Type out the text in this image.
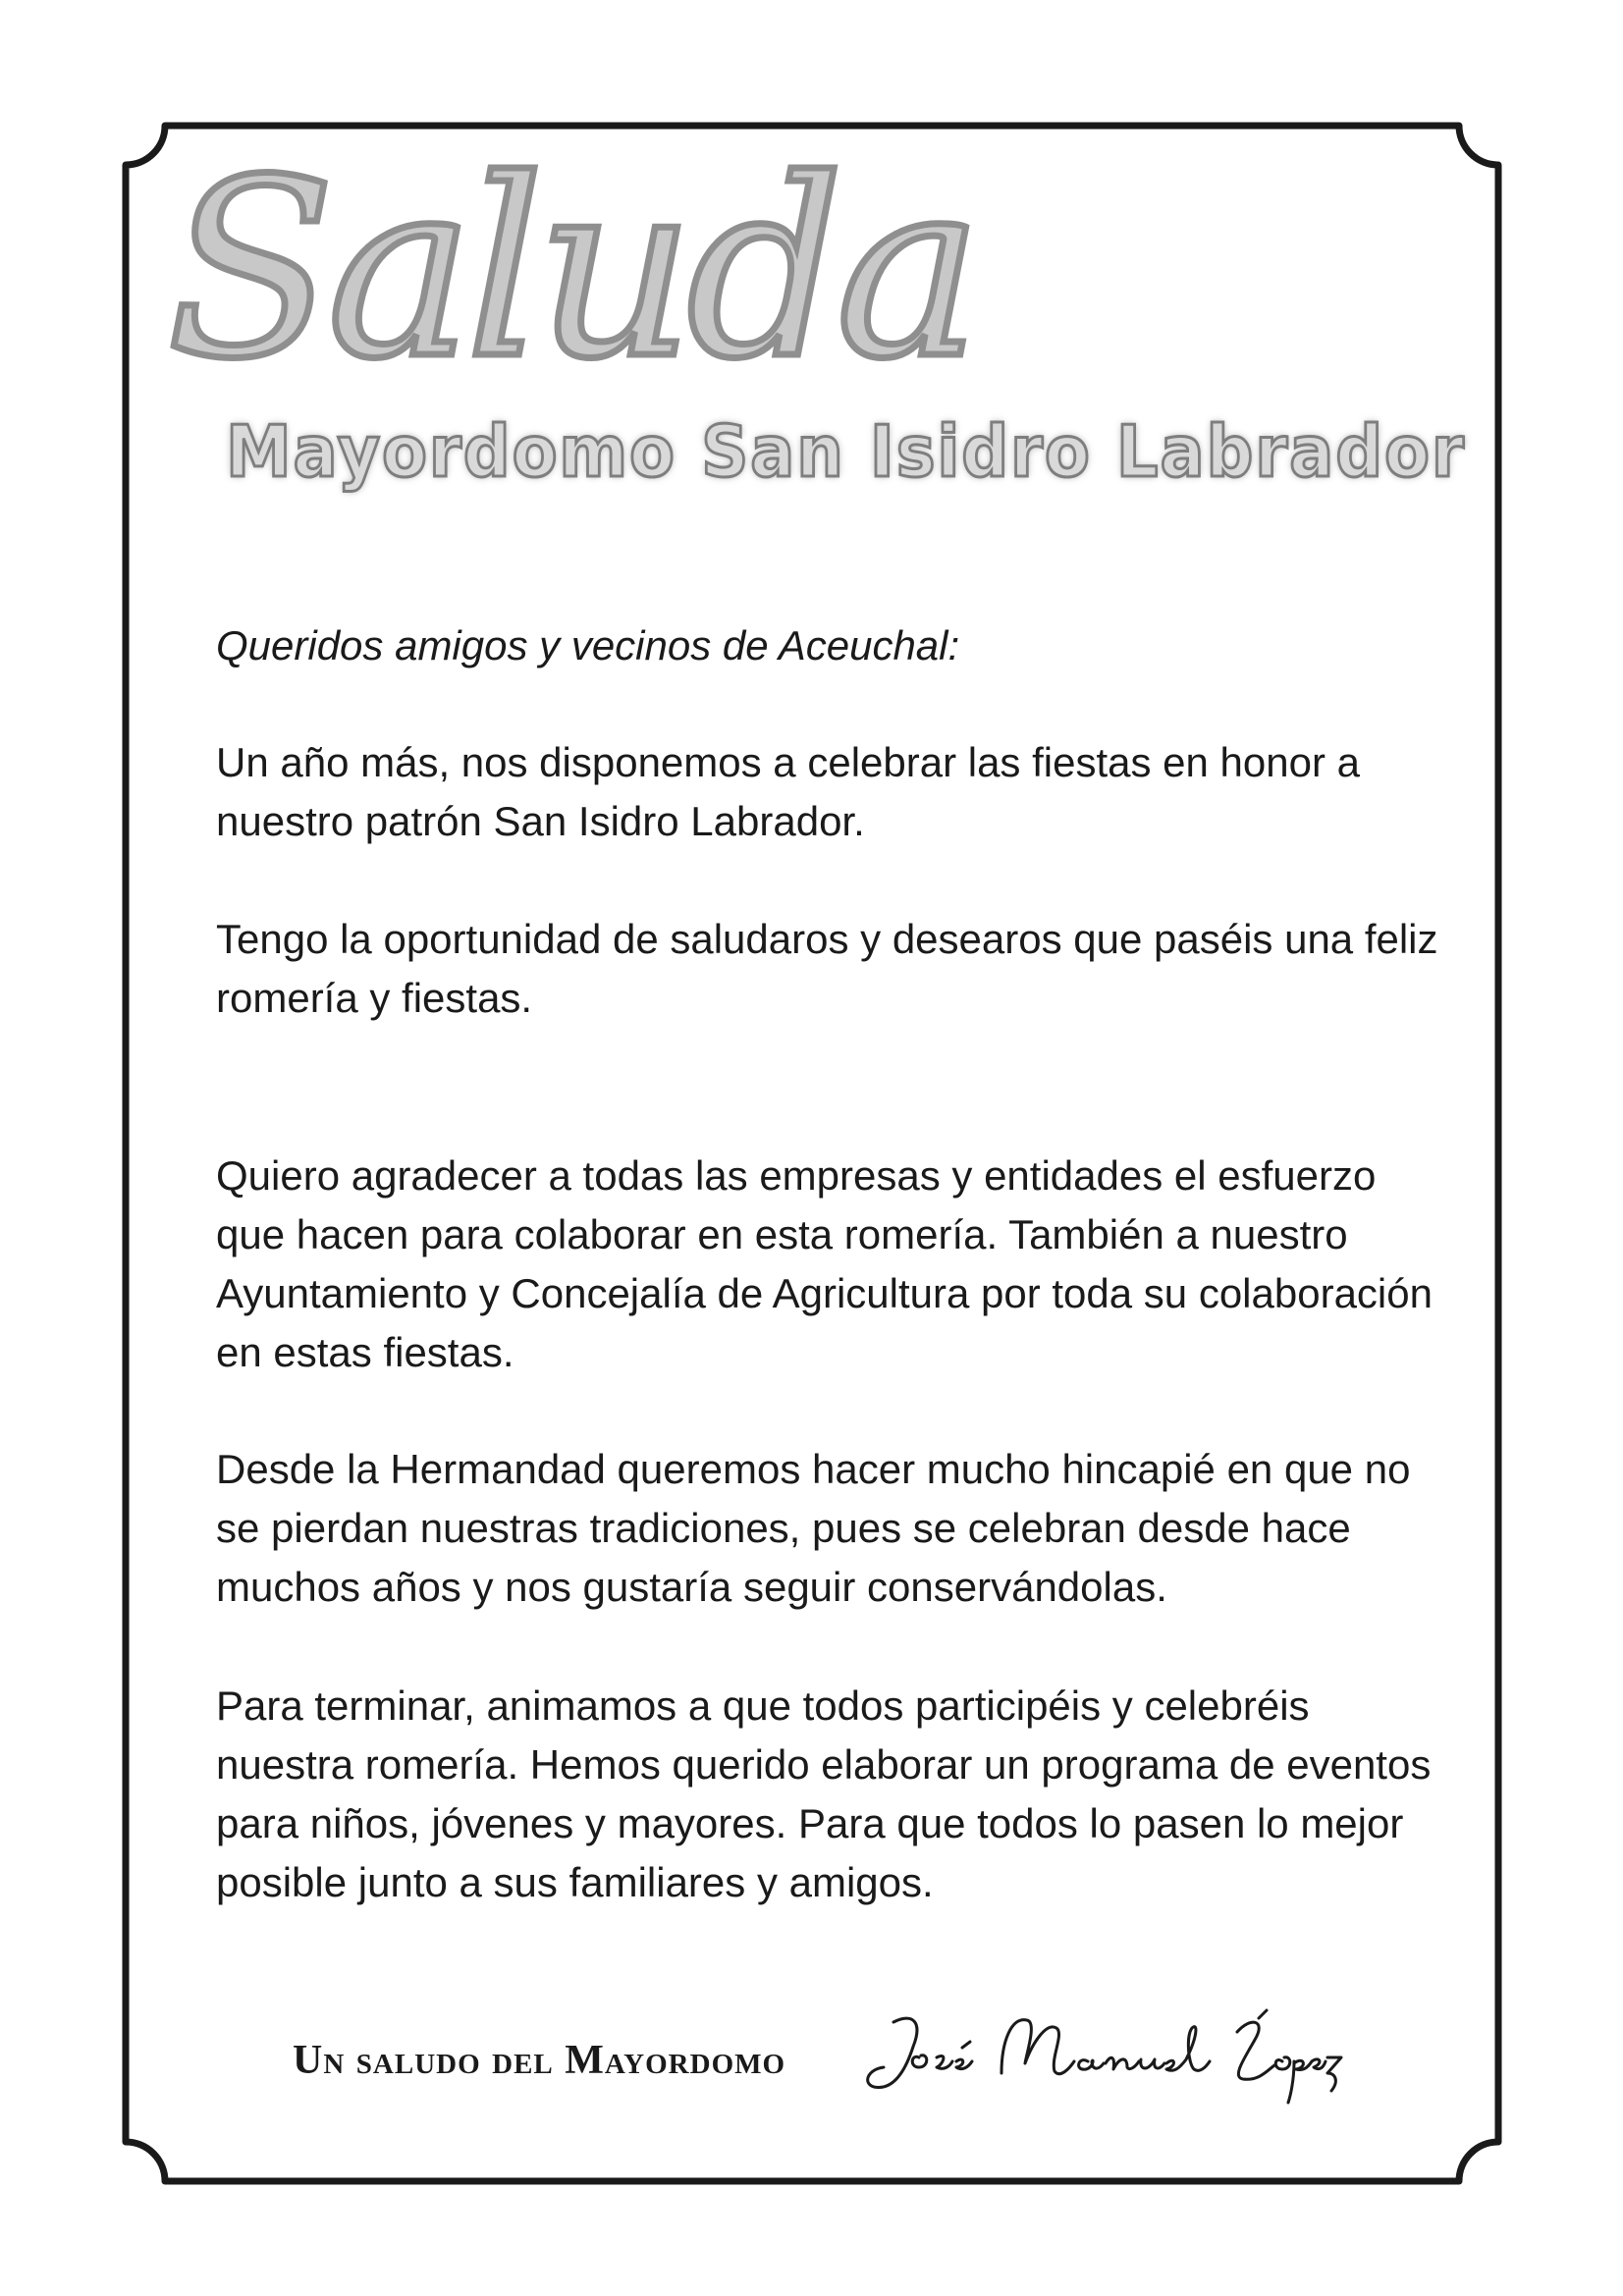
Saluda
Mayordomo San Isidro Labrador

Queridos amigos y vecinos de Aceuchal:

Un año más, nos disponemos a celebrar las fiestas en honor a nuestro patrón San Isidro Labrador.

Tengo la oportunidad de saludaros y desearos que paséis una feliz romería y fiestas.

Quiero agradecer a todas las empresas y entidades el esfuerzo que hacen para colaborar en esta romería. También a nuestro Ayuntamiento y Concejalía de Agricultura por toda su colaboración en estas fiestas.

Desde la Hermandad queremos hacer mucho hincapié en que no se pierdan nuestras tradiciones, pues se celebran desde hace muchos años y nos gustaría seguir conservándolas.

Para terminar, animamos a que todos participéis y celebréis nuestra romería. Hemos querido elaborar un programa de eventos para niños, jóvenes y mayores. Para que todos lo pasen lo mejor posible junto a sus familiares y amigos.

Un saludo del Mayordomo
